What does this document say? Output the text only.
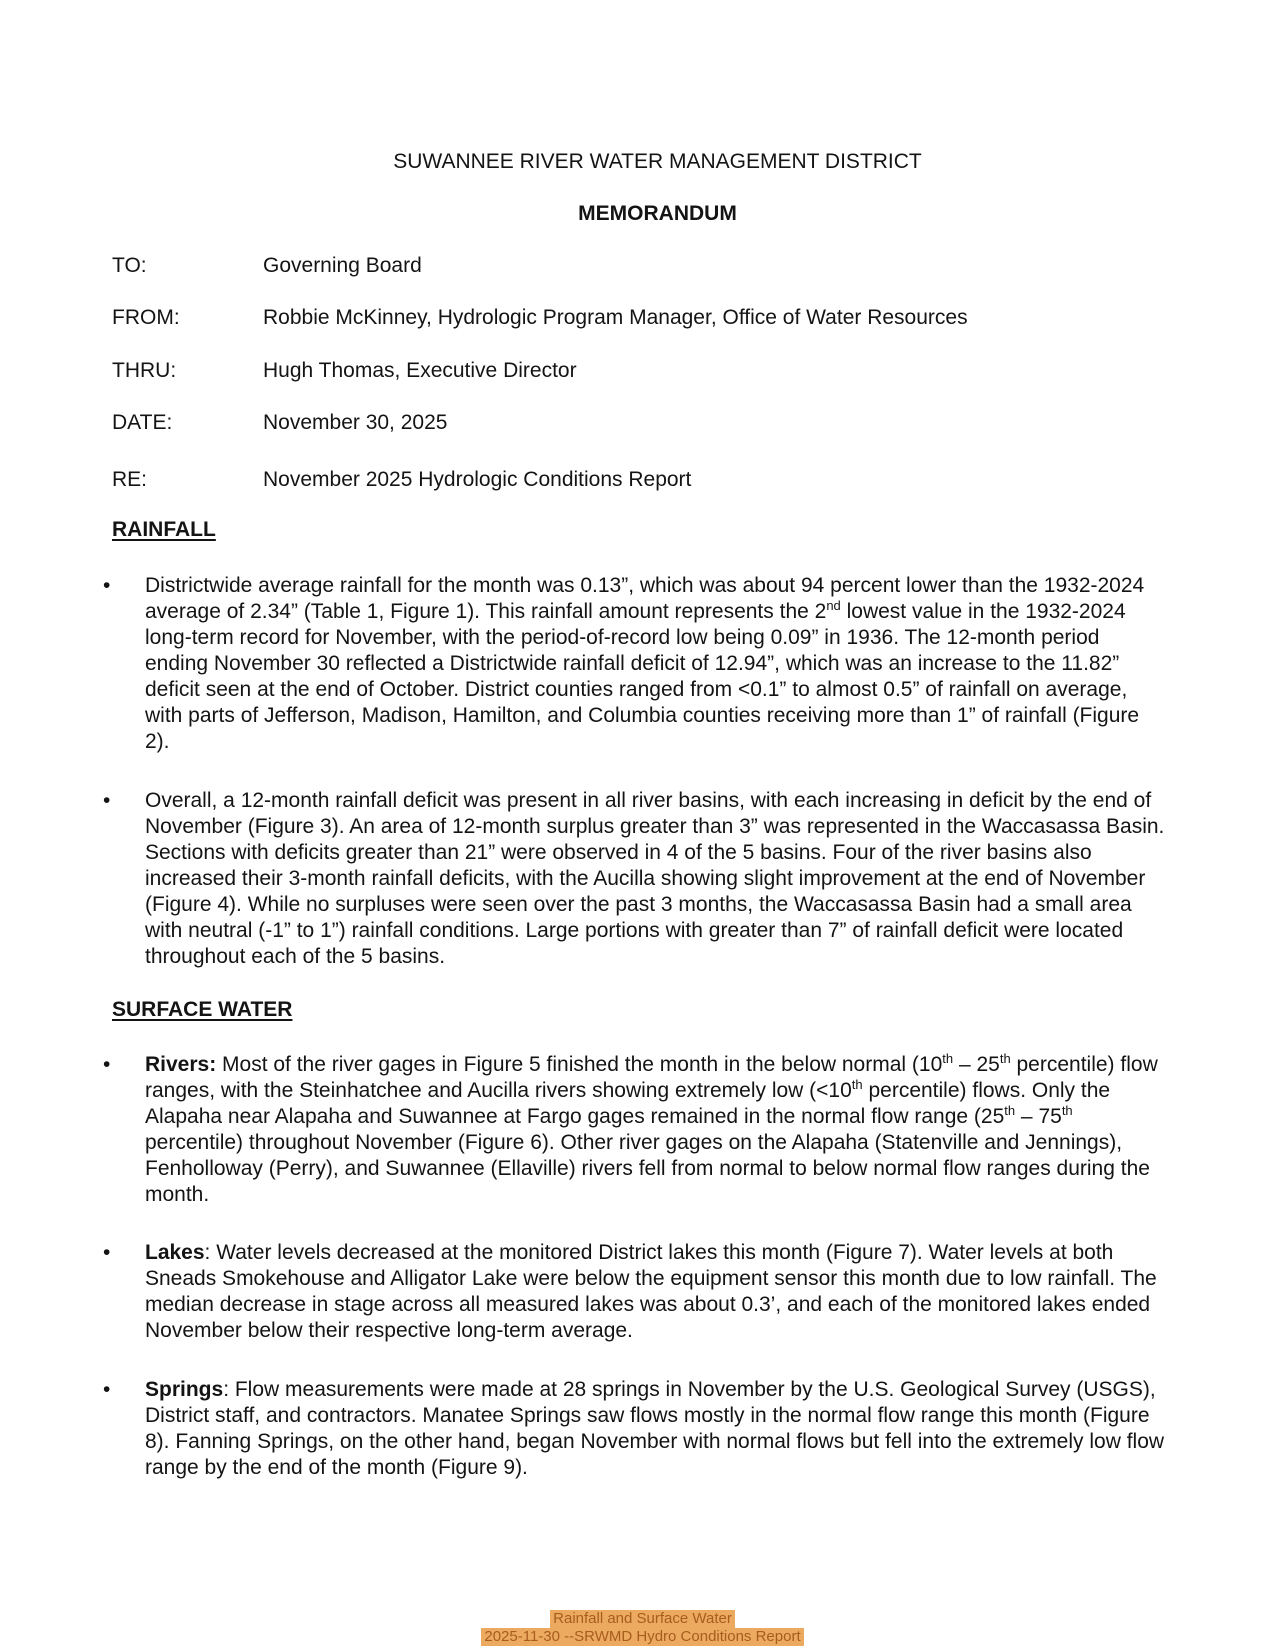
SUWANNEE RIVER WATER MANAGEMENT DISTRICT
MEMORANDUM
TO:	Governing Board
FROM:	Robbie McKinney, Hydrologic Program Manager, Office of Water Resources
THRU:	Hugh Thomas, Executive Director
DATE:	November 30, 2025
RE:	November 2025 Hydrologic Conditions Report
RAINFALL
•	Districtwide average rainfall for the month was 0.13”, which was about 94 percent lower than the 1932-2024 average of 2.34” (Table 1, Figure 1). This rainfall amount represents the 2nd lowest value in the 1932-2024 long-term record for November, with the period-of-record low being 0.09” in 1936. The 12-month period ending November 30 reflected a Districtwide rainfall deficit of 12.94”, which was an increase to the 11.82” deficit seen at the end of October. District counties ranged from <0.1” to almost 0.5” of rainfall on average, with parts of Jefferson, Madison, Hamilton, and Columbia counties receiving more than 1” of rainfall (Figure 2).
•	Overall, a 12-month rainfall deficit was present in all river basins, with each increasing in deficit by the end of November (Figure 3). An area of 12-month surplus greater than 3” was represented in the Waccasassa Basin. Sections with deficits greater than 21” were observed in 4 of the 5 basins. Four of the river basins also increased their 3-month rainfall deficits, with the Aucilla showing slight improvement at the end of November (Figure 4). While no surpluses were seen over the past 3 months, the Waccasassa Basin had a small area with neutral (-1” to 1”) rainfall conditions. Large portions with greater than 7” of rainfall deficit were located throughout each of the 5 basins.
SURFACE WATER
•	Rivers: Most of the river gages in Figure 5 finished the month in the below normal (10th – 25th percentile) flow ranges, with the Steinhatchee and Aucilla rivers showing extremely low (<10th percentile) flows. Only the Alapaha near Alapaha and Suwannee at Fargo gages remained in the normal flow range (25th – 75th percentile) throughout November (Figure 6). Other river gages on the Alapaha (Statenville and Jennings), Fenholloway (Perry), and Suwannee (Ellaville) rivers fell from normal to below normal flow ranges during the month.
•	Lakes: Water levels decreased at the monitored District lakes this month (Figure 7). Water levels at both Sneads Smokehouse and Alligator Lake were below the equipment sensor this month due to low rainfall. The median decrease in stage across all measured lakes was about 0.3’, and each of the monitored lakes ended November below their respective long-term average.
•	Springs: Flow measurements were made at 28 springs in November by the U.S. Geological Survey (USGS), District staff, and contractors. Manatee Springs saw flows mostly in the normal flow range this month (Figure 8). Fanning Springs, on the other hand, began November with normal flows but fell into the extremely low flow range by the end of the month (Figure 9).
Rainfall and Surface Water
2025-11-30 --SRWMD Hydro Conditions Report
